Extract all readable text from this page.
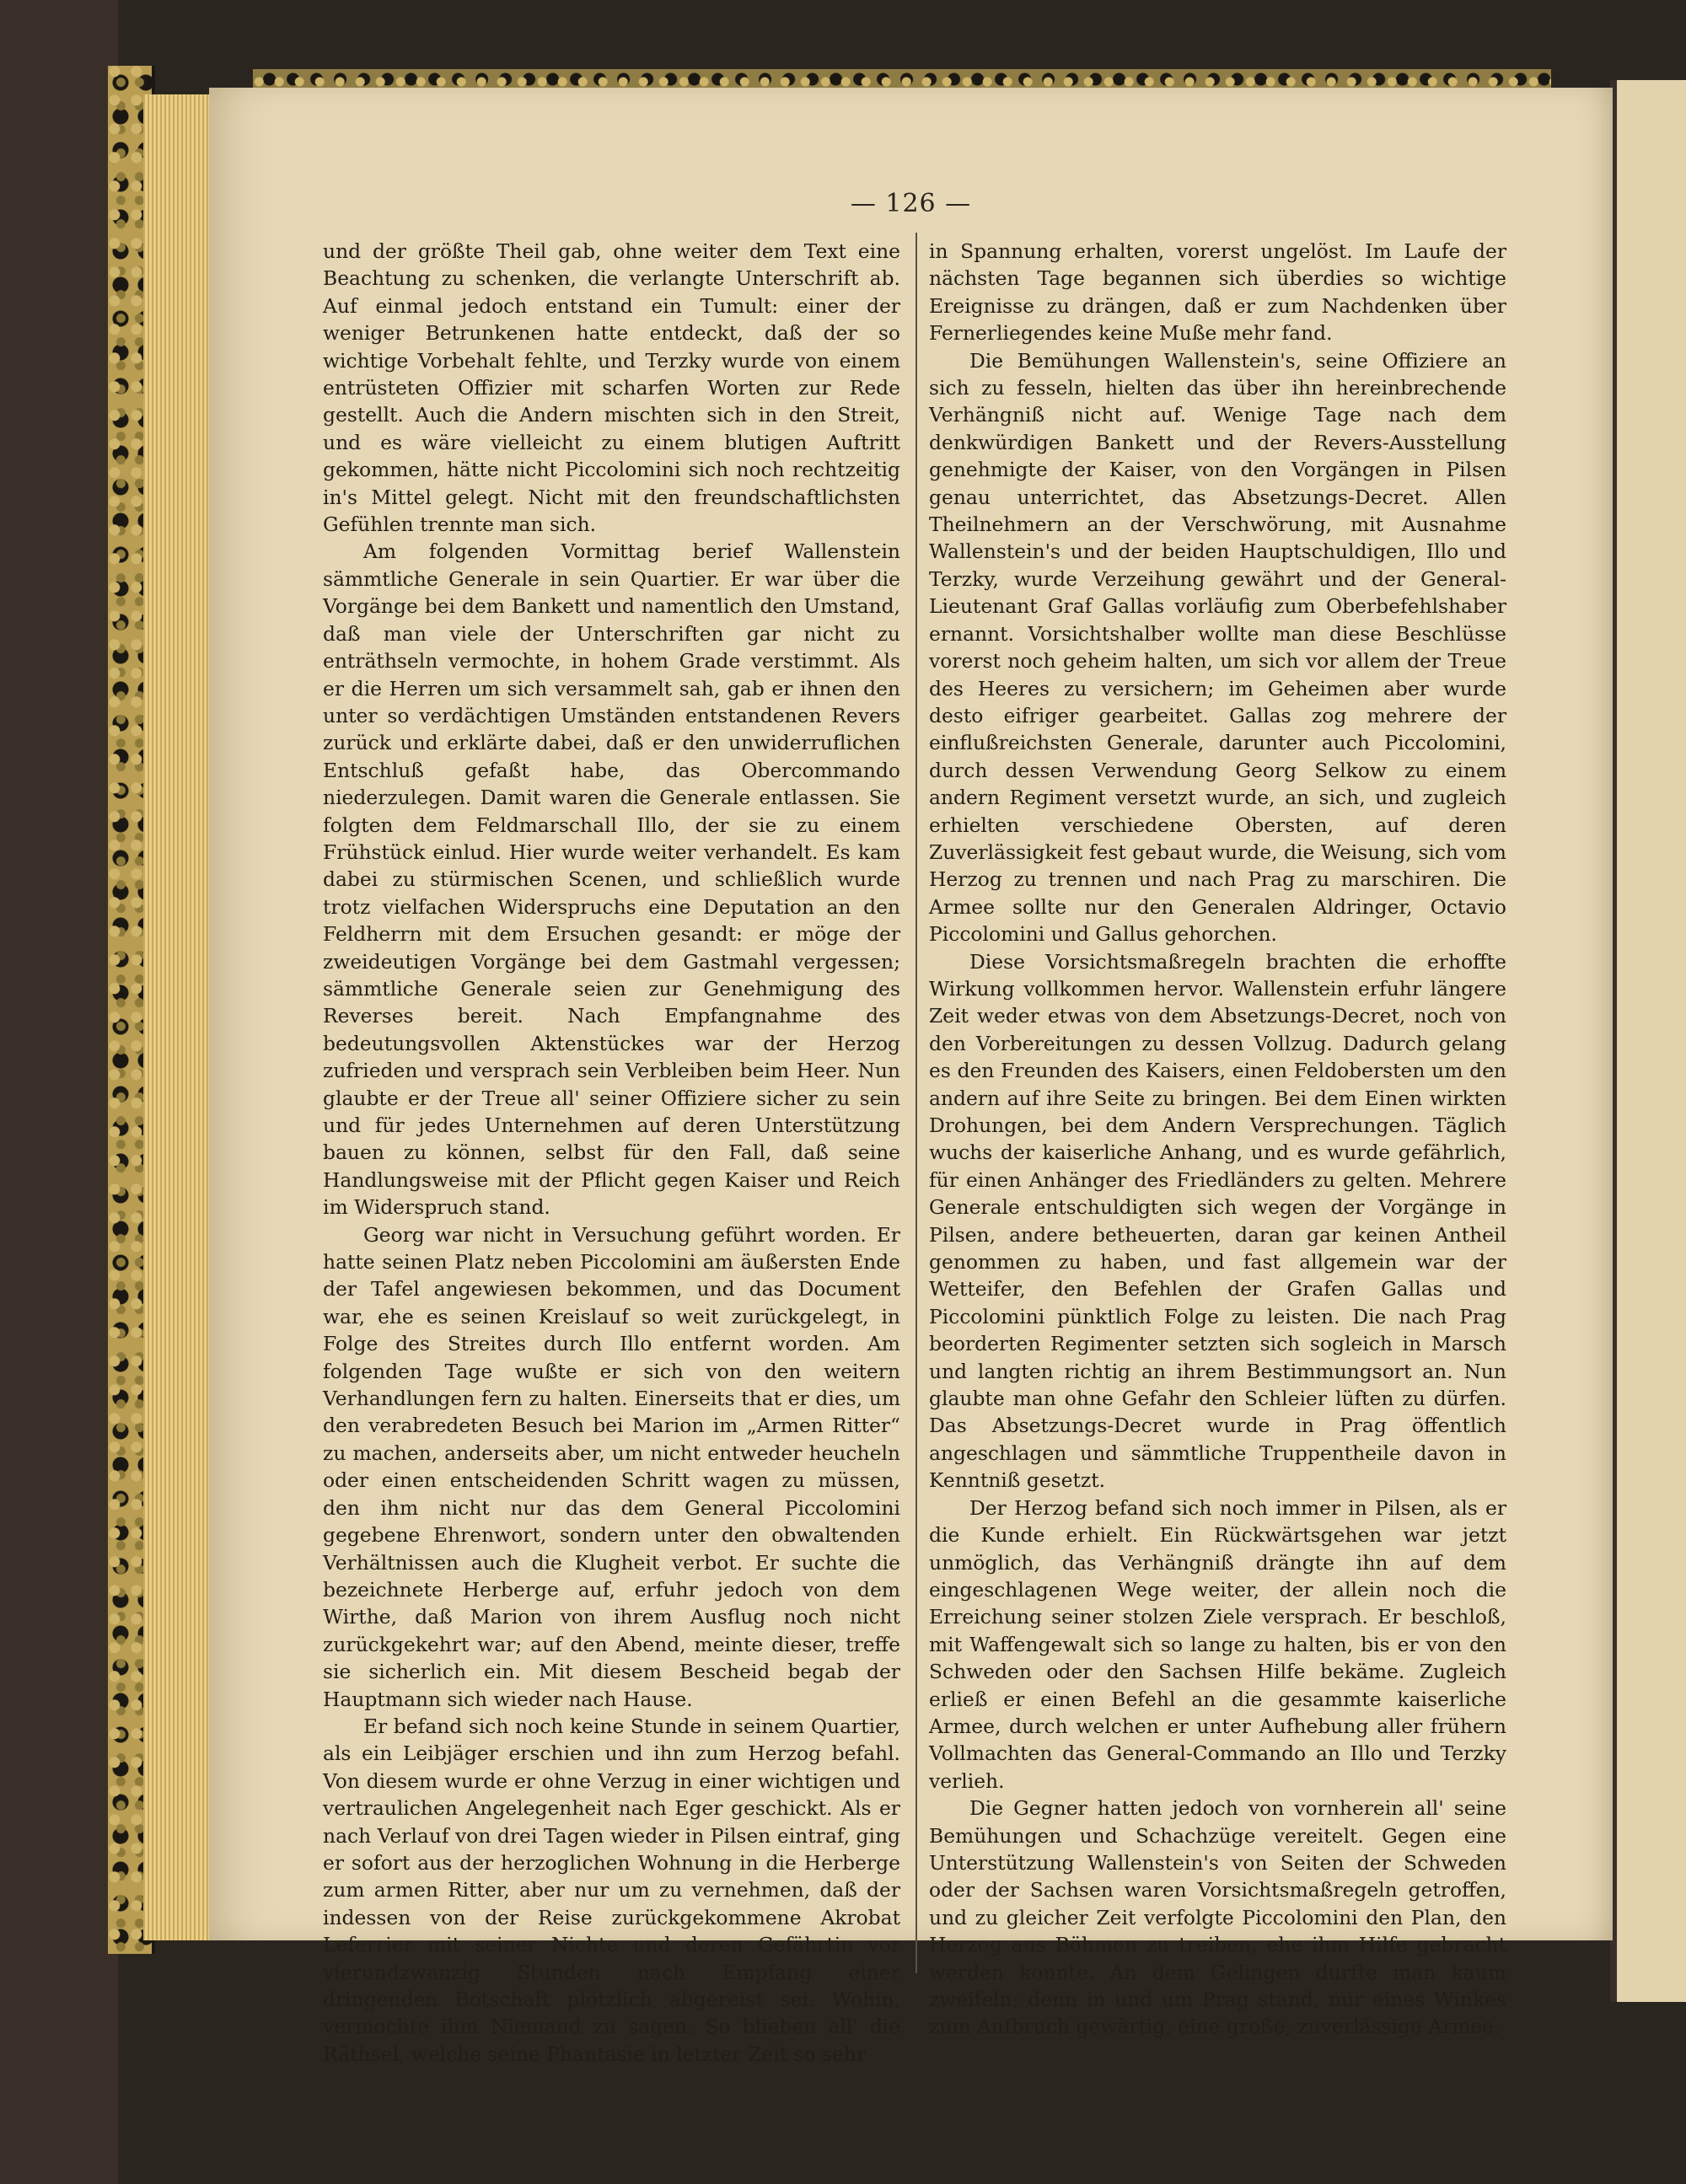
— 126 —

und der größte Theil gab, ohne weiter dem Text eine Beachtung zu schenken, die verlangte Unterschrift ab. Auf einmal jedoch entstand ein Tumult: einer der weniger Betrunkenen hatte entdeckt, daß der so wichtige Vorbehalt fehlte, und Terzky wurde von einem entrüsteten Offizier mit scharfen Worten zur Rede gestellt. Auch die Andern mischten sich in den Streit, und es wäre vielleicht zu einem blutigen Auftritt gekommen, hätte nicht Piccolomini sich noch rechtzeitig in's Mittel gelegt. Nicht mit den freundschaftlichsten Gefühlen trennte man sich.

Am folgenden Vormittag berief Wallenstein sämmtliche Generale in sein Quartier. Er war über die Vorgänge bei dem Bankett und namentlich den Umstand, daß man viele der Unterschriften gar nicht zu enträthseln vermochte, in hohem Grade verstimmt. Als er die Herren um sich versammelt sah, gab er ihnen den unter so verdächtigen Umständen entstandenen Revers zurück und erklärte dabei, daß er den unwiderruflichen Entschluß gefaßt habe, das Obercommando niederzulegen. Damit waren die Generale entlassen. Sie folgten dem Feldmarschall Illo, der sie zu einem Frühstück einlud. Hier wurde weiter verhandelt. Es kam dabei zu stürmischen Scenen, und schließlich wurde trotz vielfachen Widerspruchs eine Deputation an den Feldherrn mit dem Ersuchen gesandt: er möge der zweideutigen Vorgänge bei dem Gastmahl vergessen; sämmtliche Generale seien zur Genehmigung des Reverses bereit. Nach Empfangnahme des bedeutungsvollen Aktenstückes war der Herzog zufrieden und versprach sein Verbleiben beim Heer. Nun glaubte er der Treue all' seiner Offiziere sicher zu sein und für jedes Unternehmen auf deren Unterstützung bauen zu können, selbst für den Fall, daß seine Handlungsweise mit der Pflicht gegen Kaiser und Reich im Widerspruch stand.

Georg war nicht in Versuchung geführt worden. Er hatte seinen Platz neben Piccolomini am äußersten Ende der Tafel angewiesen bekommen, und das Document war, ehe es seinen Kreislauf so weit zurückgelegt, in Folge des Streites durch Illo entfernt worden. Am folgenden Tage wußte er sich von den weitern Verhandlungen fern zu halten. Einerseits that er dies, um den verabredeten Besuch bei Marion im „Armen Ritter“ zu machen, anderseits aber, um nicht entweder heucheln oder einen entscheidenden Schritt wagen zu müssen, den ihm nicht nur das dem General Piccolomini gegebene Ehrenwort, sondern unter den obwaltenden Verhältnissen auch die Klugheit verbot. Er suchte die bezeichnete Herberge auf, erfuhr jedoch von dem Wirthe, daß Marion von ihrem Ausflug noch nicht zurückgekehrt war; auf den Abend, meinte dieser, treffe sie sicherlich ein. Mit diesem Bescheid begab der Hauptmann sich wieder nach Hause.

Er befand sich noch keine Stunde in seinem Quartier, als ein Leibjäger erschien und ihn zum Herzog befahl. Von diesem wurde er ohne Verzug in einer wichtigen und vertraulichen Angelegenheit nach Eger geschickt. Als er nach Verlauf von drei Tagen wieder in Pilsen eintraf, ging er sofort aus der herzoglichen Wohnung in die Herberge zum armen Ritter, aber nur um zu vernehmen, daß der indessen von der Reise zurückgekommene Akrobat Leferrier mit seiner Nichte und deren Gefährtin vor vierundzwanzig Stunden nach Empfang einer dringenden Botschaft plötzlich abgereist sei. Wohin, vermochte ihm Niemand zu sagen. So blieben all' die Räthsel, welche seine Phantasie in letzter Zeit so sehr

in Spannung erhalten, vorerst ungelöst. Im Laufe der nächsten Tage begannen sich überdies so wichtige Ereignisse zu drängen, daß er zum Nachdenken über Fernerliegendes keine Muße mehr fand.

Die Bemühungen Wallenstein's, seine Offiziere an sich zu fesseln, hielten das über ihn hereinbrechende Verhängniß nicht auf. Wenige Tage nach dem denkwürdigen Bankett und der Revers-Ausstellung genehmigte der Kaiser, von den Vorgängen in Pilsen genau unterrichtet, das Absetzungs-Decret. Allen Theilnehmern an der Verschwörung, mit Ausnahme Wallenstein's und der beiden Hauptschuldigen, Illo und Terzky, wurde Verzeihung gewährt und der General-Lieutenant Graf Gallas vorläufig zum Oberbefehlshaber ernannt. Vorsichtshalber wollte man diese Beschlüsse vorerst noch geheim halten, um sich vor allem der Treue des Heeres zu versichern; im Geheimen aber wurde desto eifriger gearbeitet. Gallas zog mehrere der einflußreichsten Generale, darunter auch Piccolomini, durch dessen Verwendung Georg Selkow zu einem andern Regiment versetzt wurde, an sich, und zugleich erhielten verschiedene Obersten, auf deren Zuverlässigkeit fest gebaut wurde, die Weisung, sich vom Herzog zu trennen und nach Prag zu marschiren. Die Armee sollte nur den Generalen Aldringer, Octavio Piccolomini und Gallus gehorchen.

Diese Vorsichtsmaßregeln brachten die erhoffte Wirkung vollkommen hervor. Wallenstein erfuhr längere Zeit weder etwas von dem Absetzungs-Decret, noch von den Vorbereitungen zu dessen Vollzug. Dadurch gelang es den Freunden des Kaisers, einen Feldobersten um den andern auf ihre Seite zu bringen. Bei dem Einen wirkten Drohungen, bei dem Andern Versprechungen. Täglich wuchs der kaiserliche Anhang, und es wurde gefährlich, für einen Anhänger des Friedländers zu gelten. Mehrere Generale entschuldigten sich wegen der Vorgänge in Pilsen, andere betheuerten, daran gar keinen Antheil genommen zu haben, und fast allgemein war der Wetteifer, den Befehlen der Grafen Gallas und Piccolomini pünktlich Folge zu leisten. Die nach Prag beorderten Regimenter setzten sich sogleich in Marsch und langten richtig an ihrem Bestimmungsort an. Nun glaubte man ohne Gefahr den Schleier lüften zu dürfen. Das Absetzungs-Decret wurde in Prag öffentlich angeschlagen und sämmtliche Truppentheile davon in Kenntniß gesetzt.

Der Herzog befand sich noch immer in Pilsen, als er die Kunde erhielt. Ein Rückwärtsgehen war jetzt unmöglich, das Verhängniß drängte ihn auf dem eingeschlagenen Wege weiter, der allein noch die Erreichung seiner stolzen Ziele versprach. Er beschloß, mit Waffengewalt sich so lange zu halten, bis er von den Schweden oder den Sachsen Hilfe bekäme. Zugleich erließ er einen Befehl an die gesammte kaiserliche Armee, durch welchen er unter Aufhebung aller frühern Vollmachten das General-Commando an Illo und Terzky verlieh.

Die Gegner hatten jedoch von vornherein all' seine Bemühungen und Schachzüge vereitelt. Gegen eine Unterstützung Wallenstein's von Seiten der Schweden oder der Sachsen waren Vorsichtsmaßregeln getroffen, und zu gleicher Zeit verfolgte Piccolomini den Plan, den Herzog aus Böhmen zu treiben, ehe ihm Hilfe gebracht werden konnte. An dem Gelingen durfte man kaum zweifeln; denn in und um Prag stand, nur eines Winkes zum Aufbruch gewärtig, eine große, zuverlässige Armee.
